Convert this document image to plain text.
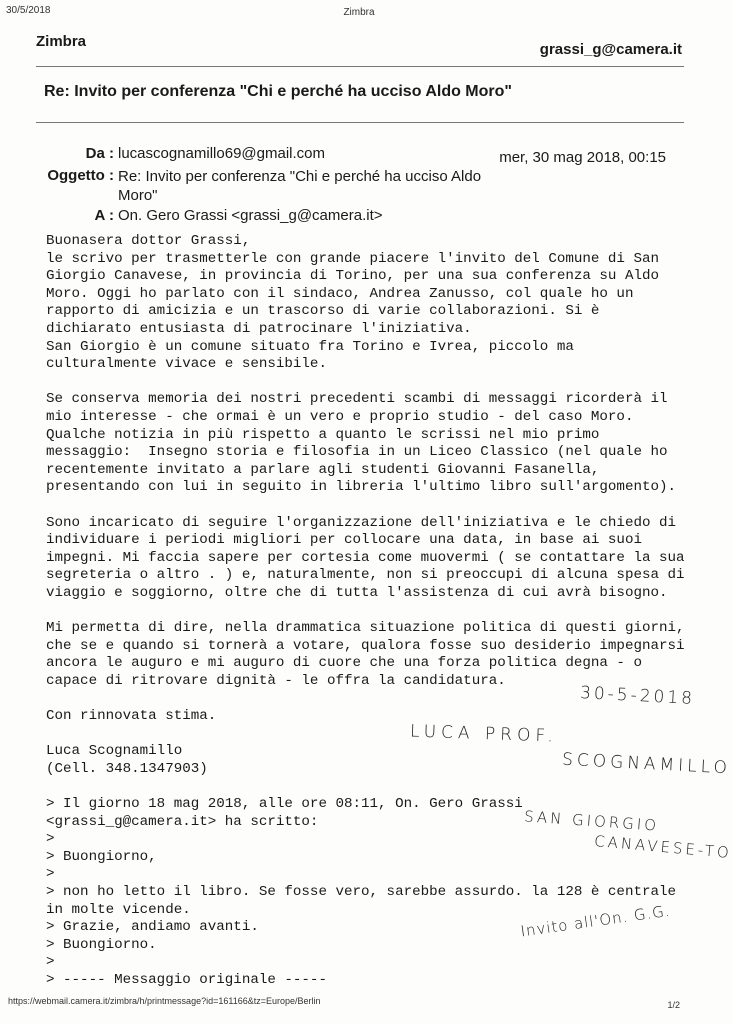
30/5/2018	Zimbra
Zimbra	grassi_g@camera.it
Re: Invito per conferenza "Chi e perché ha ucciso Aldo Moro"
Da : lucascognamillo69@gmail.com	mer, 30 mag 2018, 00:15
Oggetto : Re: Invito per conferenza "Chi e perché ha ucciso Aldo Moro"
A : On. Gero Grassi <grassi_g@camera.it>
Buonasera dottor Grassi,
le scrivo per trasmetterle con grande piacere l'invito del Comune di San
Giorgio Canavese, in provincia di Torino, per una sua conferenza su Aldo
Moro. Oggi ho parlato con il sindaco, Andrea Zanusso, col quale ho un
rapporto di amicizia e un trascorso di varie collaborazioni. Si è
dichiarato entusiasta di patrocinare l'iniziativa.
San Giorgio è un comune situato fra Torino e Ivrea, piccolo ma
culturalmente vivace e sensibile.

Se conserva memoria dei nostri precedenti scambi di messaggi ricorderà il
mio interesse - che ormai è un vero e proprio studio - del caso Moro.
Qualche notizia in più rispetto a quanto le scrissi nel mio primo
messaggio:  Insegno storia e filosofia in un Liceo Classico (nel quale ho
recentemente invitato a parlare agli studenti Giovanni Fasanella,
presentando con lui in seguito in libreria l'ultimo libro sull'argomento).

Sono incaricato di seguire l'organizzazione dell'iniziativa e le chiedo di
individuare i periodi migliori per collocare una data, in base ai suoi
impegni. Mi faccia sapere per cortesia come muovermi ( se contattare la sua
segreteria o altro . ) e, naturalmente, non si preoccupi di alcuna spesa di
viaggio e soggiorno, oltre che di tutta l'assistenza di cui avrà bisogno.

Mi permetta di dire, nella drammatica situazione politica di questi giorni,
che se e quando si tornerà a votare, qualora fosse suo desiderio impegnarsi
ancora le auguro e mi auguro di cuore che una forza politica degna - o
capace di ritrovare dignità - le offra la candidatura.

Con rinnovata stima.

Luca Scognamillo
(Cell. 348.1347903)

> Il giorno 18 mag 2018, alle ore 08:11, On. Gero Grassi
<grassi_g@camera.it> ha scritto:
>
> Buongiorno,
>
> non ho letto il libro. Se fosse vero, sarebbe assurdo. la 128 è centrale
in molte vicende.
> Grazie, andiamo avanti.
> Buongiorno.
>
> ----- Messaggio originale -----
30-5-2018
LUCA PROF.
SCOGNAMILLO
SAN GIORGIO
CANAVESE-TO
Invito all'On. G.G.
https://webmail.camera.it/zimbra/h/printmessage?id=161166&tz=Europe/Berlin	1/2
